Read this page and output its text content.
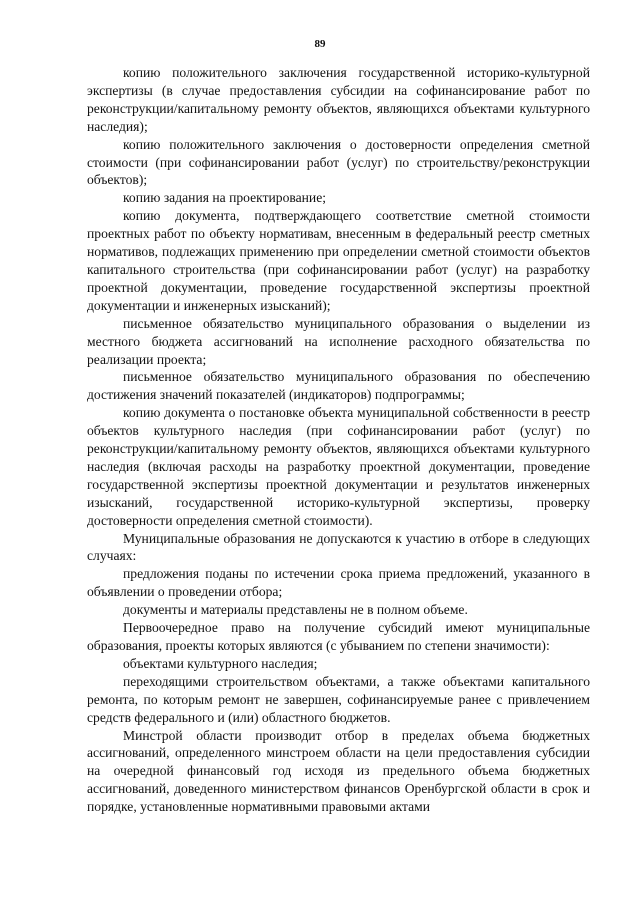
89

копию положительного заключения государственной историко-культурной экспертизы (в случае предоставления субсидии на софинансирование работ по реконструкции/капитальному ремонту объектов, являющихся объектами культурного наследия);

копию положительного заключения о достоверности определения сметной стоимости (при софинансировании работ (услуг) по строительству/реконструкции объектов);

копию задания на проектирование;

копию документа, подтверждающего соответствие сметной стоимости проектных работ по объекту нормативам, внесенным в федеральный реестр сметных нормативов, подлежащих применению при определении сметной стоимости объектов капитального строительства (при софинансировании работ (услуг) на разработку проектной документации, проведение государственной экспертизы проектной документации и инженерных изысканий);

письменное обязательство муниципального образования о выделении из местного бюджета ассигнований на исполнение расходного обязательства по реализации проекта;

письменное обязательство муниципального образования по обеспечению достижения значений показателей (индикаторов) подпрограммы;

копию документа о постановке объекта муниципальной собственности в реестр объектов культурного наследия (при софинансировании работ (услуг) по реконструкции/капитальному ремонту объектов, являющихся объектами культурного наследия (включая расходы на разработку проектной документации, проведение государственной экспертизы проектной документации и результатов инженерных изысканий, государственной историко-культурной экспертизы, проверку достоверности определения сметной стоимости).

Муниципальные образования не допускаются к участию в отборе в следующих случаях:

предложения поданы по истечении срока приема предложений, указанного в объявлении о проведении отбора;

документы и материалы представлены не в полном объеме.

Первоочередное право на получение субсидий имеют муниципальные образования, проекты которых являются (с убыванием по степени значимости):

объектами культурного наследия;

переходящими строительством объектами, а также объектами капитального ремонта, по которым ремонт не завершен, софинансируемые ранее с привлечением средств федерального и (или) областного бюджетов.

Минстрой области производит отбор в пределах объема бюджетных ассигнований, определенного минстроем области на цели предоставления субсидии на очередной финансовый год исходя из предельного объема бюджетных ассигнований, доведенного министерством финансов Оренбургской области в срок и порядке, установленные нормативными правовыми актами
